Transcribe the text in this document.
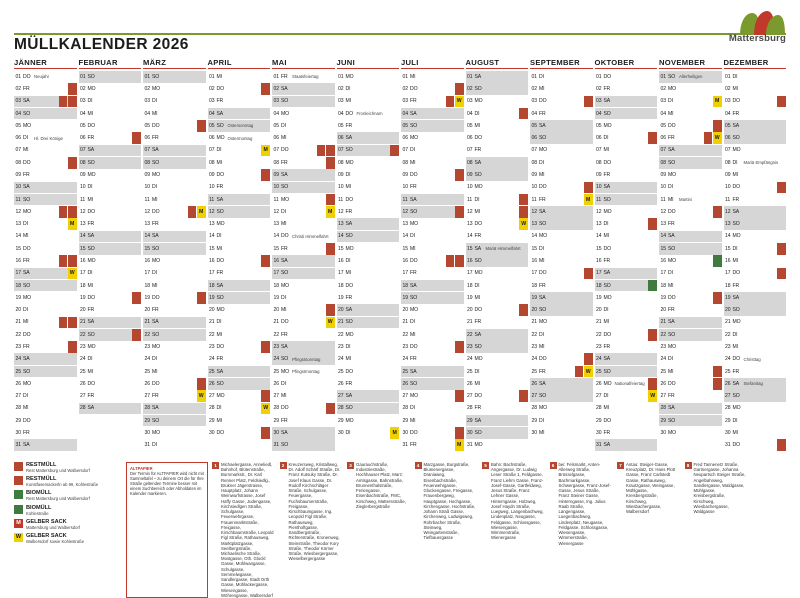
MÜLLKALENDER 2026	Mattersburg
JÄNNER
01 DO Neujahr
02 FR
03 SA
04 SO
05 MO
06 DI	Hl. Drei Könige
07 MI
08 DO
09 FR
10 SA
11 SO
12 MO
13 DI	M
14 MI
15 DO
16 FR
17 SA	W
18 SO
19 MO
20 DI
21 MI
22 DO
23 FR
24 SA
25 SO
26 MO
27 DI
28 MI
29 DO
30 FR
31 SA
FEBRUAR
01 SO
02 MO
03 DI
04 MI
05 DO
06 FR
07 SA
08 SO
09 MO
10 DI
11 MI
12 DO
13 FR
14 SA
15 SO
16 MO
17 DI
18 MI
19 DO
20 FR
21 SA
22 SO
23 MO
24 DI
25 MI
26 DO
27 FR
28 SA
MÄRZ
01 SO
02 MO
03 DI
04 MI
05 DO
06 FR
07 SA
08 SO
09 MO
10 DI
11 MI
12 DO	M
13 FR
14 SA
15 SO
16 MO
17 DI
18 MI
19 DO
20 FR
21 SA
22 SO
23 MO
24 DI
25 MI
26 DO
27 FR	W
28 SA
29 SO
30 MO
31 DI
APRIL
01 MI
02 DO
03 FR
04 SA
05 SO Ostersonntag
06 MO Ostermontag
07 DI	M
08 MI
09 DO
10 FR
11 SA
12 SO
13 MO
14 DI
15 MI
16 DO
17 FR
18 SA
19 SO
20 MO
21 DI
22 MI
23 DO
24 FR
25 SA
26 SO
27 MO
28 DI	W
29 MI
30 DO
MAI
01 FR	Staatsfeiertag
02 SA
03 SO
04 MO
05 DI
06 MI
07 DO
08 FR
09 SA
10 SO
11 MO
12 DI	M
13 MI
14 DO Christi Himmelfahrt
15 FR
16 SA
17 SO
18 MO
19 DI
20 MI
21 DO	W
22 FR
23 SA
24 SO Pfingstsonntag
25 MO Pfingstmontag
26 DI
27 MI
28 DO
29 FR
30 SA
31 SO
JUNI
01 MO
02 DI
03 MI
04 DO Fronleichnam
05 FR
06 SA
07 SO
08 MO
09 DI
10 MI
11 DO
12 FR
13 SA
14 SO
15 MO
16 DI
17 MI
18 DO
19 FR
20 SA
21 SO
22 MO
23 DI
24 MI
25 DO
26 FR
27 SA
28 SO
29 MO
30 DI	M
JULI
01 MI
02 DO
03 FR	W
04 SA
05 SO
06 MO
07 DI
08 MI
09 DO
10 FR
11 SA
12 SO
13 MO
14 DI
15 MI
16 DO
17 FR
18 SA
19 SO
20 MO
21 DI
22 MI
23 DO
24 FR
25 SA
26 SO
27 MO
28 DI
29 MI
30 DO
31 FR	M
AUGUST
01 SA
02 SO
03 MO
04 DI
05 MI
06 DO
07 FR
08 SA
09 SO
10 MO
11 DI
12 MI
13 DO	W
14 FR
15 SA	Mariä Himmelfahrt
16 SO
17 MO
18 DI
19 MI
20 DO
21 FR
22 SA
23 SO
24 MO
25 DI
26 MI
27 DO
28 FR
29 SA
30 SO
31 MO
SEPTEMBER
01 DI
02 MI
03 DO
04 FR
05 SA
06 SO
07 MO
08 DI
09 MI
10 DO
11 FR	M
12 SA
13 SO
14 MO
15 DI
16 MI
17 DO
18 FR
19 SA
20 SO
21 MO
22 DI
23 MI
24 DO
25 FR	W
26 SA
27 SO
28 MO
29 DI
30 MI
OKTOBER
01 DO
02 FR
03 SA
04 SO
05 MO
06 DI
07 MI
08 DO
09 FR
10 SA
11 SO
12 MO
13 DI
14 MI
15 DO
16 FR
17 SA
18 SO
19 MO
20 DI
21 MI
22 DO
23 FR
24 SA
25 SO
26 MO Nationalfeiertag
27 DI	W
28 MI
29 DO
30 FR
31 SA
NOVEMBER
01 SO Allerheiligen
02 MO
03 DI	M
04 MI
05 DO
06 FR	W
07 SA
08 SO
09 MO
10 DI
11 MI	Martini
12 DO
13 FR
14 SA
15 SO
16 MO
17 DI
18 MI
19 DO
20 FR
21 SA
22 SO
23 MO
24 DI
25 MI
26 DO
27 FR
28 SA
29 SO
30 MO
DEZEMBER
01 DI
02 MI
03 DO
04 FR
05 SA
06 SO
07 MO
08 DI	Mariä Empfängnis
09 MI
10 DO
11 FR
12 SA
13 SO
14 MO
15 DI
16 MI
17 DO
18 FR
19 SA
20 SO
21 MO
22 DI
23 MI
24 DO Christtag
25 FR
26 SA	Stefanitag
27 SO
28 MO
29 DI
30 MI
31 DO
RESTMÜLL
Rest Mattersburg und Walbersdorf
RESTMÜLL
Kunstfasersackerln ab 99, Kohlestraße
BIOMÜLL
Rest Mattersburg und Walbersdorf
BIOMÜLL
Kohlestraße
M GELBER SACK
Mattersburg und Walbersdorf
W GELBER SACK
Walbersdorf sowie Kohlestraße
ALTPAPIER
Der Termin für ALTPAPIER wird nicht mit Sammeltafel – zu deinem Ort die für Ihre Straße geltenden Termine besser mit einem Suchbereich oder Abholdaten im Kalender markieren.
1 Michaelergasse, Anneliedl, Bahnhof, Blütenstraße, Burnmarkstr., Dr. Karl Renner Platz, Feldsiedlg., Brukner Jägerstrasse, Hauptplatz, Johann Weinwurfstrasse, Josef Haffy Gasse, Judengasse, Kirchsiedlgen Straße, Schulgasse, Feuerwehrgasse, Frauenmarktstraße, Freigasse, Kirschbaumstraße, Leopold Figl Straße, Rathausweg, Marktplatzgasse, Seelbergstraße, Michaelische Straße, Mostgasse, Oth. Glockl Gasse, Mühlwangasse, Schulgasse, Semmelwgasse, Sandlergasse, Stadt Orth Gasse, Mühlackergasse, Wiesengasse, Wöhrengasse, Walbersdorf
2 Kreuzersweg, Kristallweg, Dr. Adolf Schärf Straße, Dr. Franz Kutsuky Straße, Dr. Josef Klaus Gasse, Dr. Rudolf Kirchschläger Straße, Schulgasse, Feuergasse, Fuchsbaumerstraße, Freigasse, Kirschbaumgasse, Ing. Leopold Figl Straße, Rathausweg, Pienthoftgasse, Sandbergstraße, Richterstraße, Kronenweg, Steinstraße, Theodor Kory Straße, Theodor Körner Straße, Wiesbergergasse, Wieselbergergasse
3 Gaurauchstraße, Industriestraße, Hochhauser Platz, Marz: Amtsgasse, Bahnstraße, Brunnenthalstraße, Feriengasse, Eisenbachstraße, FMC, Kirschweg, Mattersstraße, Zieglerbergstraße
4 Marzgasse, Burgstraße, Blumenergasse, Draniaweg, Eisenbachstraße, Feuerwehrgasse, Glockengasse, Freigasse, Frauenbergweg, Hauptgasse, Hochgasse, Kirchengasse, Hochstraße, Johann Straß Gasse, Kirchenweg, Ludwigsweg, Rohrbacher Straße, Steinweg, Weingartenstraße, Tiefbauergasse
5 Bahn: Bachstraße, Angergasse, Dr. Ludwig Leser Straße 1, Feldgasse, Franz Liehm Gasse, Franz-Josef-Gasse, Gartfeldweg, Jesus Straße, Franz Lehner Gasse, Hinterngasse, Holzweg, Josef Haydn Straße, Luegweg, Langenbachweg, Lindenplatz, Neugasse, Feldgasse, Schlossgasse, Wiesengasse, Wimmerstraße, Wienergasse
6 bei: Felsmarkt, Anten-Allerweg Straße, Brüsselgasse, Bachmarkgasse, Schwergasse, Franz-Josef-Gasse, Jesus Straße, Franz Steiner Gasse, Hinterngasse, Ing. Julius Raab Straße, Langengasse, Luegenbachweg, Lindenplatz, Neugasse, Feldgasse, Schlossgasse, Wiesengasse, Wimmerstraße, Wienergasse
7 Antau: Steiger-Gasse, Kreuzplatz, Dr. Hans Plott Gasse, Franz Carlstedt Gasse, Rathausweg, Krautzgasse, Weingasse, Mühlgasse, Kreisbergstraße, Kirschweg, Wiesbachergasse, Walbersdorf
8 Fred Tannenetz Straße, Gartnergasse, Johanna Neupartsch Steiger Straße, Angelbahnweg, Sandlergasse, Waldgasse, Mühlgasse, Kreisbergstraße, Kirschweg, Wiesbachergasse, Waldgasse
